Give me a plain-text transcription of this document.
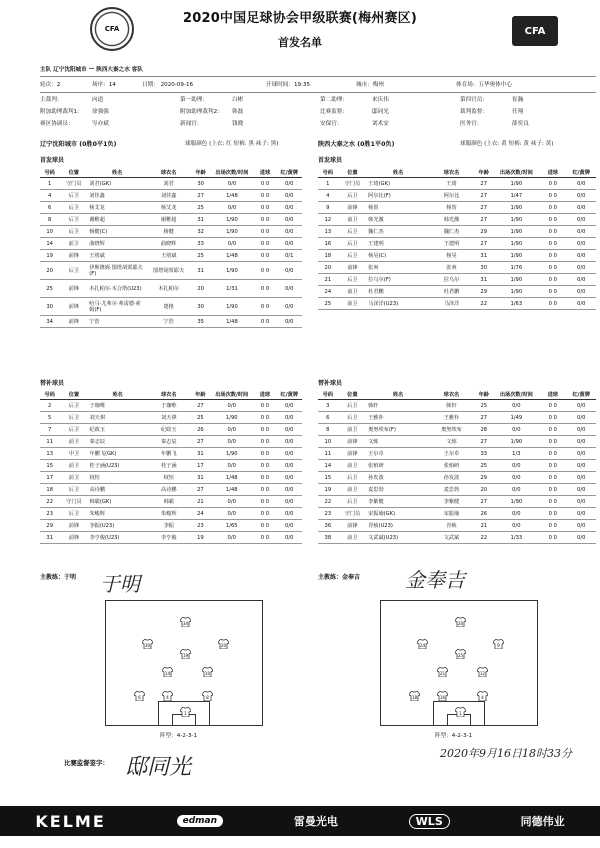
CFA
2020中国足球协会甲级联赛(梅州赛区)
首发名单
CFA
主队
辽宁沈阳城市
—
陕西大秦之水
客队
轮次：2	场序：14	日期： 2020-09-16	开球时间：19:35	城市：梅州	体育场：五华奥体中心
主裁判：	向道	第一助理：	白彬	第二助理：	来庆伟	第四官员：	崔瀚
附加助理裁判1： 徐强强	附加助理裁判2： 韩磊	比赛监督：	邸同光	裁判监督：	任翔
赛区协调员：	岑亦斌	新闻官：	钱晓	安保官：	刘术安	医务官：	薛奕良
辽宁沈阳城市 (0胜0平1负)	球服颜色 (上衣: 红 短裤: 黑 袜子: 黑)	陕西大秦之水 (0胜1平0负)	球服颜色 (上衣: 黄 短裤: 黄 袜子: 黄)
首发球员	首发球员
号码	位置	姓名	球衣名	年龄	出场次数/时间	进球	红/黄牌
1	守门员	刘君(GK)	刘君	30	0/0	0 0	0/0
4	后卫	刘佳鑫	刘佳鑫	27	1/48	0 0	0/0
6	后卫	杨艾龙	杨艾龙	25	0/0	0 0	0/0
8	后卫	谢稚超	谢稚超	31	1/90	0 0	0/0
10	后卫	杨健(C)	杨健	32	1/90	0 0	0/0
14	前卫	曲晓辉	曲晓辉	33	0/0	0 0	0/0
19	前锋	王靖斌	王靖斌	25	1/48	0 0	0/1
20	后卫	伊斯隆姆·图塔胡贾耶夫(F)	图塔胡贾耶夫	31	1/90	0 0	0/0
25	前锋	木扎帕尔·木合塔(U23)	木扎帕尔	20	1/31	0 0	0/0
30	前锋	哈马·尤弗尔·弗雷德·索姆(F)	楚格	30	1/90	0 0	0/0
34	前锋	宁浩	宁浩	35	1/48	0 0	0/0
号码	位置	姓名	球衣名	年龄	出场次数/时间	进球	红/黄牌
1	守门员	王琦(GK)	王琦	27	1/90	0 0	0/0
4	后卫	阿尔比(F)	阿尔比	27	1/47	0 0	0/0
9	前锋	杨贺	杨贺	27	1/90	0 0	0/0
12	前卫	韩光激	韩光激	27	1/90	0 0	0/0
13	后卫	魏仁杰	魏仁杰	29	1/90	0 0	0/0
16	后卫	王建明	王建明	27	1/90	0 0	0/0
18	后卫	杨昊(C)	杨昊	31	1/90	0 0	0/0
20	前锋	张爽	张爽	30	1/76	0 0	0/0
21	后卫	拉乌尔(F)	拉乌尔	31	1/90	0 0	0/0
24	前卫	杜君鹏	杜君鹏	29	1/90	0 0	0/0
25	前卫	马泽洋(U23)	马泽洋	22	1/63	0 0	0/0
替补球员	替补球员
号码	位置	姓名	球衣名	年龄	出场次数/时间	进球	红/黄牌
2	后卫	于珈唯	于珈唯	27	0/0	0 0	0/0
5	后卫	刘天祺	刘天祺	25	1/90	0 0	0/0
7	后卫	纪政玉	纪政玉	26	0/0	0 0	0/0
11	前卫	秦志辰	秦志辰	27	0/0	0 0	0/0
13	中卫	年鹏飞(GK)	年鹏飞	31	1/90	0 0	0/0
15	前卫	桂子涵(U23)	桂子涵	17	0/0	0 0	0/0
17	前卫	权恒	权恒	31	1/48	0 0	0/0
18	后卫	高诗鹏	高诗鹏	27	1/48	0 0	0/0
22	守门员	韩霸(GK)	韩霸	21	0/0	0 0	0/0
23	后卫	朱峻辉	朱峻辉	24	0/0	0 0	0/0
29	前锋	李振(U23)	李振	23	1/65	0 0	0/0
31	前锋	李亨俊(U23)	李亨俊	19	0/0	0 0	0/0
号码	位置	姓名	球衣名	年龄	出场次数/时间	进球	红/黄牌
3	后卫	韩轩	韩轩	25	0/0	0 0	0/0
6	后卫	王雅朴	王雅朴	27	1/49	0 0	0/0
8	前卫	奥努埃布(F)	奥努埃布	28	0/0	0 0	0/0
10	前锋	文炼	文炼	27	1/90	0 0	0/0
11	前锋	王尔卓	王尔卓	33	1/3	0 0	0/0
14	前卫	张栢研	张栢研	25	0/0	0 0	0/0
15	后卫	孙发波	孙发波	29	0/0	0 0	0/0
19	前卫	麦思勃	麦思勃	20	0/0	0 0	0/0
22	后卫	李紫健	李紫健	27	1/90	0 0	0/0
23	守门员	宋振瑜(GK)	宋振瑜	26	0/0	0 0	0/0
36	前锋	胥桢(U23)	胥桢	21	0/0	0 0	0/0
38	前卫	文武斌(U23)	文武斌	22	1/33	0 0	0/0
主教练：于明	主教练：金奉吉
于明	金奉吉
34
30	20
19
14	10
6	4	8
1
20
24	9
25
21	12
18	16	4
1
阵型：4-2-3-1	阵型：4-2-3-1
比赛监督签字： 邸同光
2020年9月16日18时33分
KELME	edman	雷曼光电	WLS	同德伟业
